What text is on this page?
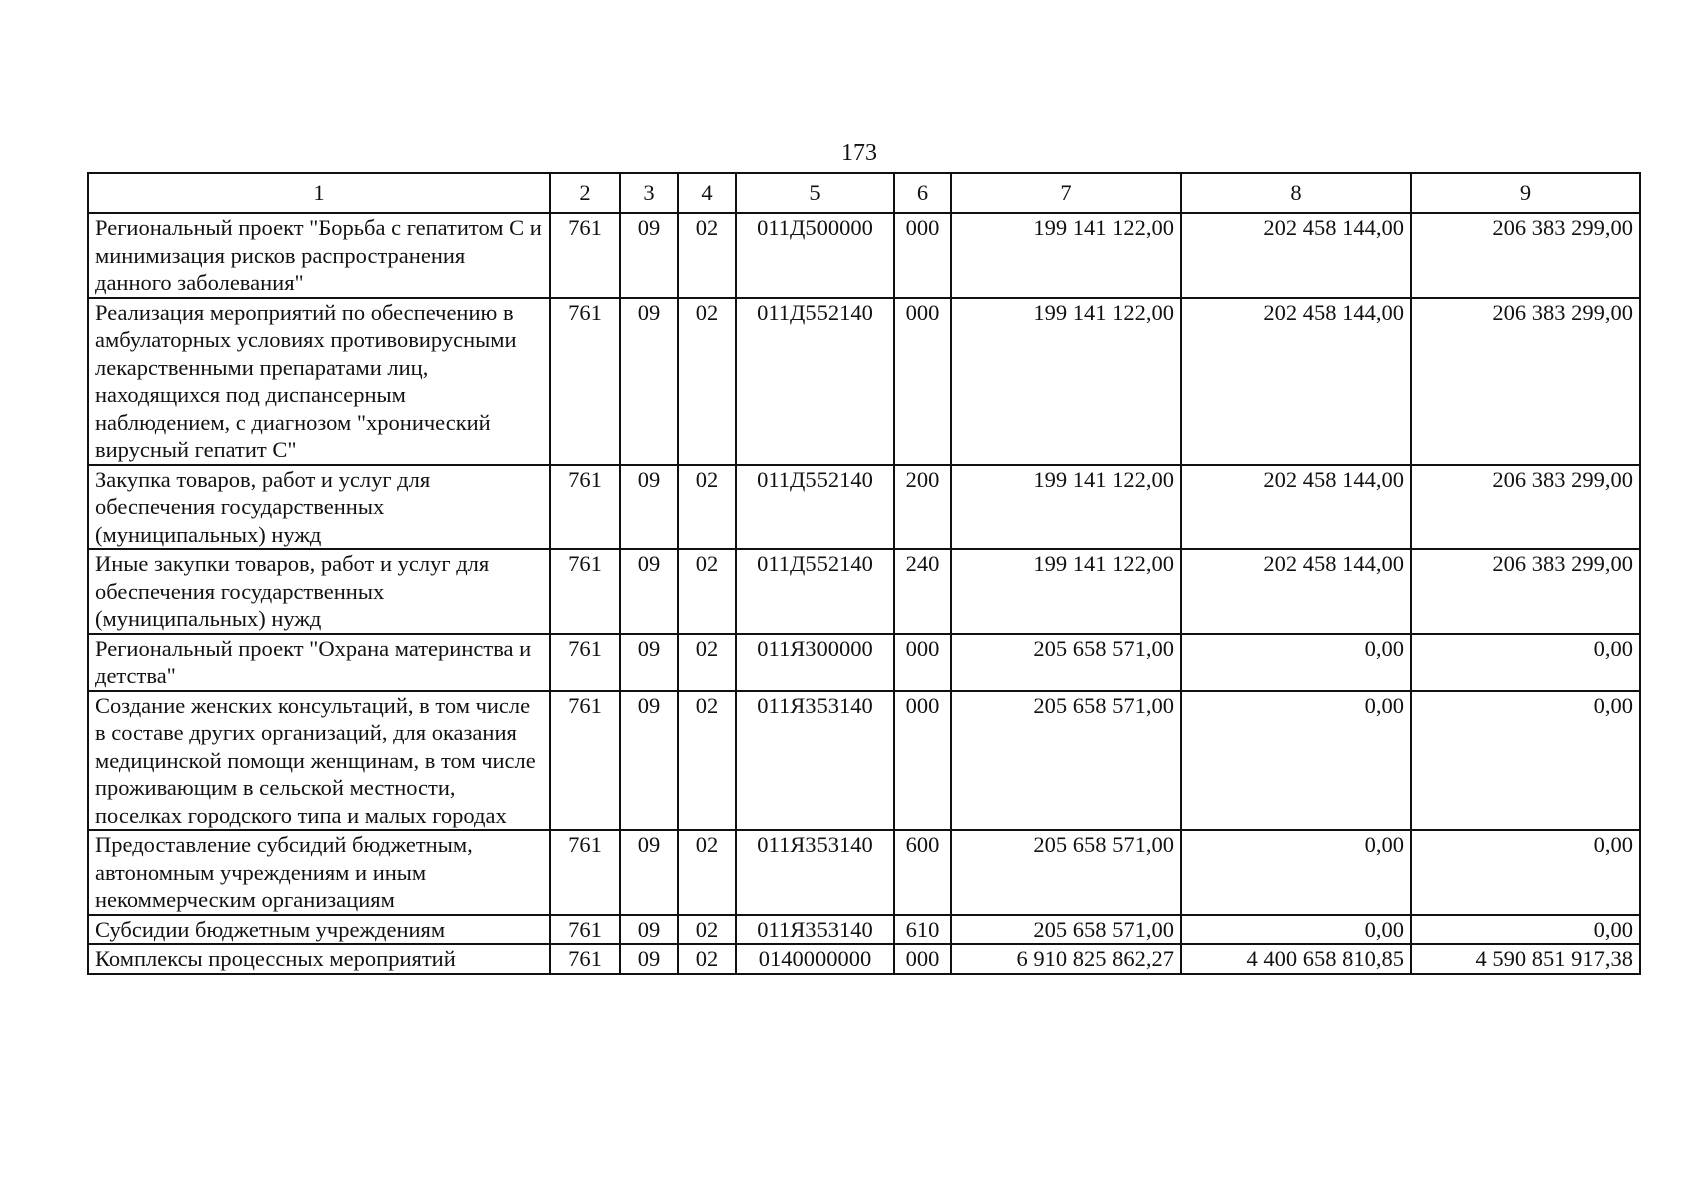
173
1	2	3	4	5	6	7	8	9
Региональный проект "Борьба с гепатитом С и минимизация рисков распространения данного заболевания"	761	09	02	011Д500000	000	199 141 122,00	202 458 144,00	206 383 299,00
Реализация мероприятий по обеспечению в амбулаторных условиях противовирусными лекарственными препаратами лиц, находящихся под диспансерным наблюдением, с диагнозом "хронический вирусный гепатит С"	761	09	02	011Д552140	000	199 141 122,00	202 458 144,00	206 383 299,00
Закупка товаров, работ и услуг для обеспечения государственных (муниципальных) нужд	761	09	02	011Д552140	200	199 141 122,00	202 458 144,00	206 383 299,00
Иные закупки товаров, работ и услуг для обеспечения государственных (муниципальных) нужд	761	09	02	011Д552140	240	199 141 122,00	202 458 144,00	206 383 299,00
Региональный проект "Охрана материнства и детства"	761	09	02	011Я300000	000	205 658 571,00	0,00	0,00
Создание женских консультаций, в том числе в составе других организаций, для оказания медицинской помощи женщинам, в том числе проживающим в сельской местности, поселках городского типа и малых городах	761	09	02	011Я353140	000	205 658 571,00	0,00	0,00
Предоставление субсидий бюджетным, автономным учреждениям и иным некоммерческим организациям	761	09	02	011Я353140	600	205 658 571,00	0,00	0,00
Субсидии бюджетным учреждениям	761	09	02	011Я353140	610	205 658 571,00	0,00	0,00
Комплексы процессных мероприятий	761	09	02	0140000000	000	6 910 825 862,27	4 400 658 810,85	4 590 851 917,38
